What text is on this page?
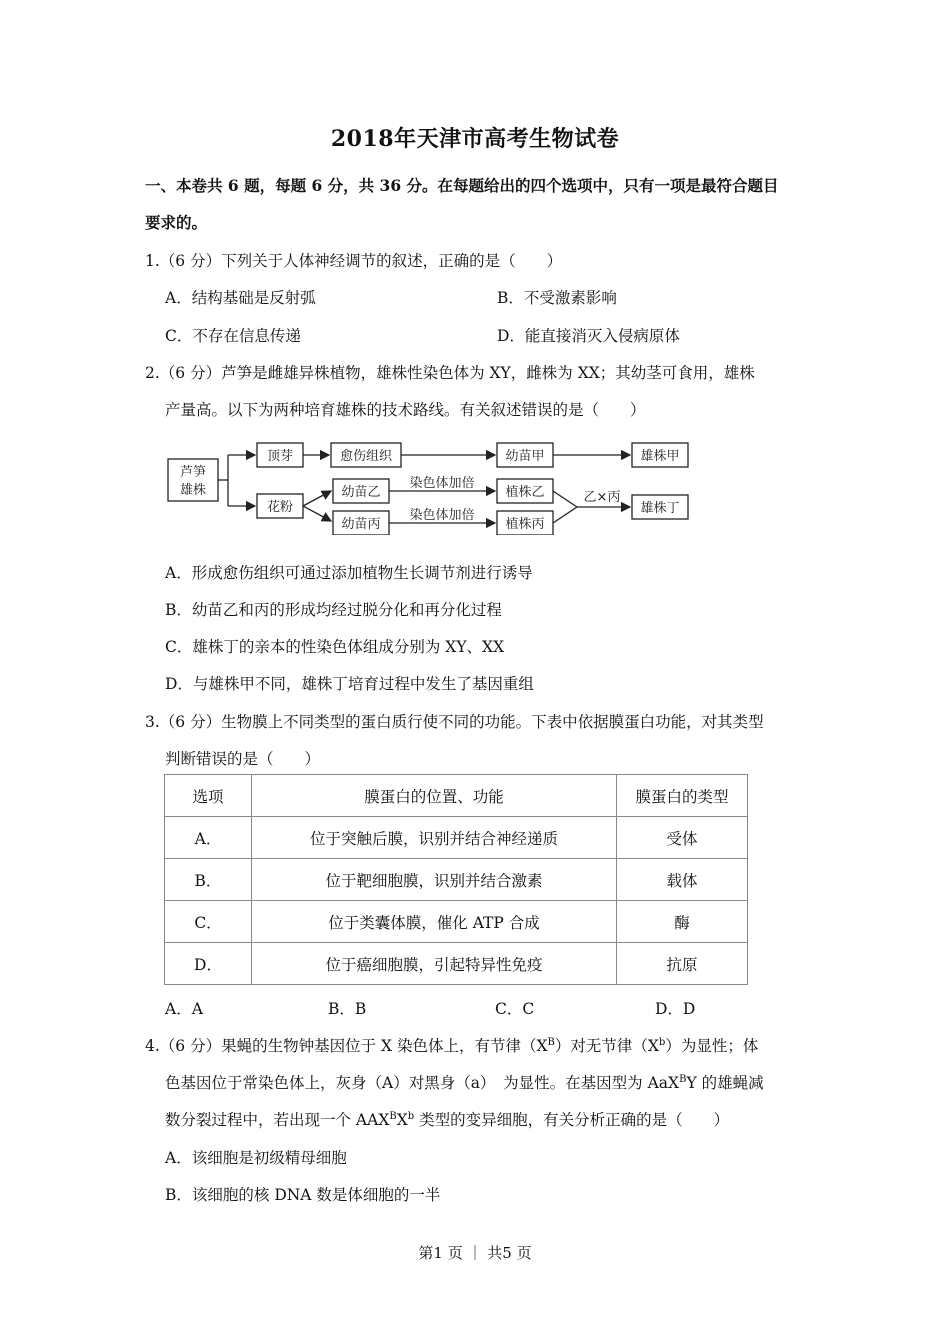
2018年天津市高考生物试卷
一、本卷共 6 题，每题 6 分，共 36 分。在每题给出的四个选项中，只有一项是最符合题目
要求的。
1.（6 分）下列关于人体神经调节的叙述，正确的是（　　）
A．结构基础是反射弧	B．不受激素影响
C．不存在信息传递	D．能直接消灭入侵病原体
2.（6 分）芦笋是雌雄异株植物，雄株性染色体为 XY，雌株为 XX；其幼茎可食用，雄株
产量高。以下为两种培育雄株的技术路线。有关叙述错误的是（　　）
芦笋
雄株
顶芽	愈伤组织	幼苗甲	雄株甲
花粉
幼苗乙
幼苗丙
染色体加倍
染色体加倍
植株乙
植株丙
乙×丙
雄株丁
A．形成愈伤组织可通过添加植物生长调节剂进行诱导
B．幼苗乙和丙的形成均经过脱分化和再分化过程
C．雄株丁的亲本的性染色体组成分别为 XY、XX
D．与雄株甲不同，雄株丁培育过程中发生了基因重组
3.（6 分）生物膜上不同类型的蛋白质行使不同的功能。下表中依据膜蛋白功能，对其类型
判断错误的是（　　）
选项	膜蛋白的位置、功能	膜蛋白的类型
A．	位于突触后膜，识别并结合神经递质	受体
B．	位于靶细胞膜，识别并结合激素	载体
C．	位于类囊体膜，催化 ATP 合成	酶
D．	位于癌细胞膜，引起特异性免疫	抗原
A．A	B．B	C．C	D．D
4.（6 分）果蝇的生物钟基因位于 X 染色体上，有节律$(X^B)$对无节律$(X^b)$为显性；体
色基因位于常染色体上，灰身（A）对黑身（a）　为显性。在基因型为 AaX$^B$Y 的雄蝇减
数分裂过程中，若出现一个 $AAX^BX^b$ 类型的变异细胞，有关分析正确的是（　　）
A．该细胞是初级精母细胞
B．该细胞的核 DNA 数是体细胞的一半
第1 页 ｜ 共5 页
